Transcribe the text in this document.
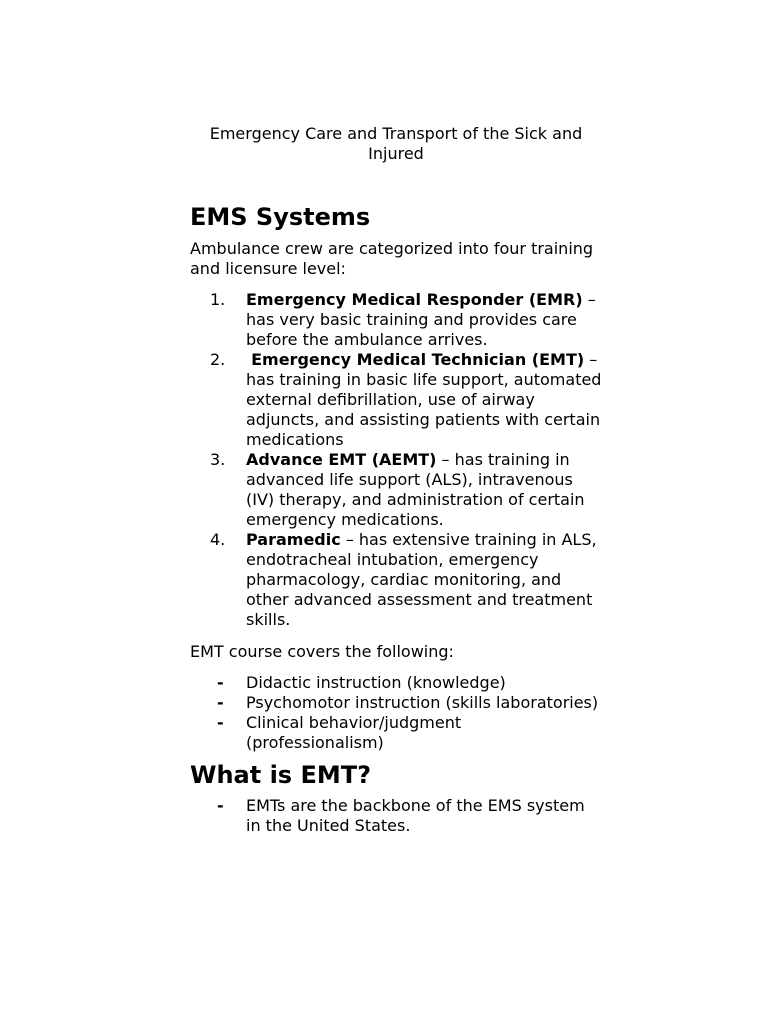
Emergency Care and Transport of the Sick and Injured
EMS Systems

Ambulance crew are categorized into four training and licensure level:

1. Emergency Medical Responder (EMR) – has very basic training and provides care before the ambulance arrives.
2. Emergency Medical Technician (EMT) – has training in basic life support, automated external defibrillation, use of airway adjuncts, and assisting patients with certain medications
3. Advance EMT (AEMT) – has training in advanced life support (ALS), intravenous (IV) therapy, and administration of certain emergency medications.
4. Paramedic – has extensive training in ALS, endotracheal intubation, emergency pharmacology, cardiac monitoring, and other advanced assessment and treatment skills.

EMT course covers the following:

- Didactic instruction (knowledge)
- Psychomotor instruction (skills laboratories)
- Clinical behavior/judgment (professionalism)
What is EMT?
- EMTs are the backbone of the EMS system in the United States.
